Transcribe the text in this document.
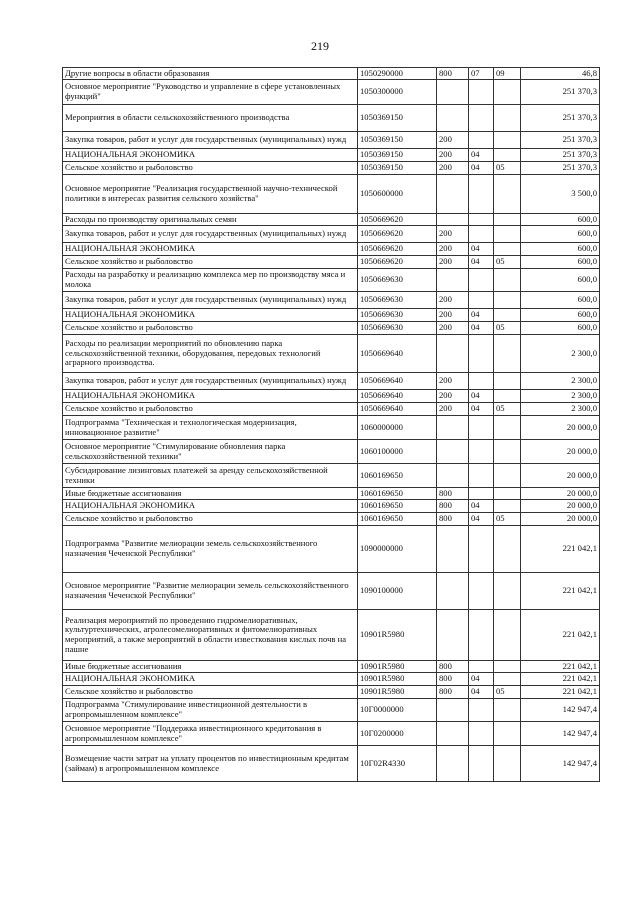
219
Другие вопросы в области образования	1050290000	800	07	09	46,8
Основное мероприятие "Руководство и управление в сфере установленных функций"	1050300000				251 370,3
Мероприятия в области сельскохозяйственного производства	1050369150				251 370,3
Закупка товаров, работ и услуг для государственных (муниципальных) нужд	1050369150	200			251 370,3
НАЦИОНАЛЬНАЯ ЭКОНОМИКА	1050369150	200	04		251 370,3
Сельское хозяйство и рыболовство	1050369150	200	04	05	251 370,3
Основное мероприятие "Реализация государственной научно-технической политики в интересах развития сельского хозяйства"	1050600000				3 500,0
Расходы по производству оригинальных семян	1050669620				600,0
Закупка товаров, работ и услуг для государственных (муниципальных) нужд	1050669620	200			600,0
НАЦИОНАЛЬНАЯ ЭКОНОМИКА	1050669620	200	04		600,0
Сельское хозяйство и рыболовство	1050669620	200	04	05	600,0
Расходы на разработку и реализацию комплекса мер по производству мяса и молока	1050669630				600,0
Закупка товаров, работ и услуг для государственных (муниципальных) нужд	1050669630	200			600,0
НАЦИОНАЛЬНАЯ ЭКОНОМИКА	1050669630	200	04		600,0
Сельское хозяйство и рыболовство	1050669630	200	04	05	600,0
Расходы по реализации мероприятий по обновлению парка сельскохозяйственной техники, оборудования, передовых технологий аграрного производства.	1050669640				2 300,0
Закупка товаров, работ и услуг для государственных (муниципальных) нужд	1050669640	200			2 300,0
НАЦИОНАЛЬНАЯ ЭКОНОМИКА	1050669640	200	04		2 300,0
Сельское хозяйство и рыболовство	1050669640	200	04	05	2 300,0
Подпрограмма "Техническая и технологическая модернизация, инновационное развитие"	1060000000				20 000,0
Основное мероприятие "Стимулирование обновления парка сельскохозяйственной техники"	1060100000				20 000,0
Субсидирование лизинговых платежей за аренду сельскохозяйственной техники	1060169650				20 000,0
Иные бюджетные ассигнования	1060169650	800			20 000,0
НАЦИОНАЛЬНАЯ ЭКОНОМИКА	1060169650	800	04		20 000,0
Сельское хозяйство и рыболовство	1060169650	800	04	05	20 000,0
Подпрограмма "Развитие мелиорации земель сельскохозяйственного назначения Чеченской Республики"	1090000000				221 042,1
Основное мероприятие "Развитие мелиорации земель сельскохозяйственного назначения Чеченской Республики"	1090100000				221 042,1
Реализация мероприятий по проведению гидромелиоративных, культуртехнических, агролесомелиоративных и фитомелиоративных мероприятий, а также мероприятий в области известкования кислых почв на пашне	10901R5980				221 042,1
Иные бюджетные ассигнования	10901R5980	800			221 042,1
НАЦИОНАЛЬНАЯ ЭКОНОМИКА	10901R5980	800	04		221 042,1
Сельское хозяйство и рыболовство	10901R5980	800	04	05	221 042,1
Подпрограмма "Стимулирование инвестиционной деятельности в агропромышленном комплексе"	10Г0000000				142 947,4
Основное мероприятие "Поддержка инвестиционного кредитования в агропромышленном комплексе"	10Г0200000				142 947,4
Возмещение части затрат на уплату процентов по инвестиционным кредитам (займам) в агропромышленном комплексе	10Г02R4330				142 947,4
